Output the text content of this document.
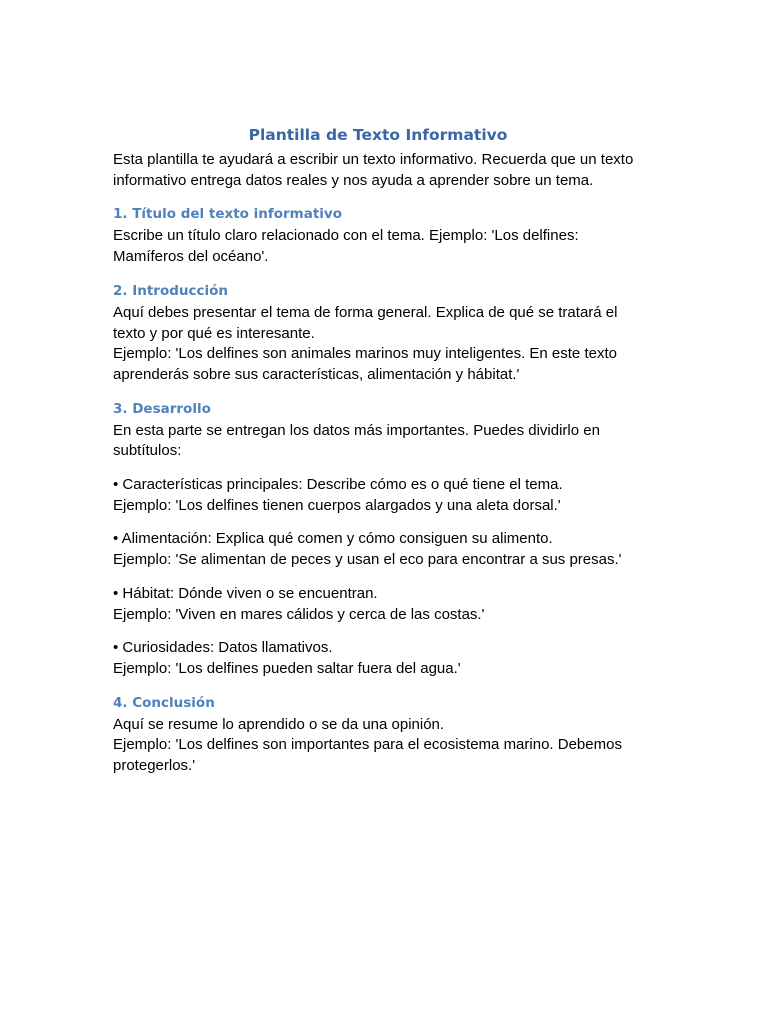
Plantilla de Texto Informativo

Esta plantilla te ayudará a escribir un texto informativo. Recuerda que un texto informativo entrega datos reales y nos ayuda a aprender sobre un tema.

1. Título del texto informativo

Escribe un título claro relacionado con el tema. Ejemplo: 'Los delfines: Mamíferos del océano'.

2. Introducción

Aquí debes presentar el tema de forma general. Explica de qué se tratará el texto y por qué es interesante.

Ejemplo: 'Los delfines son animales marinos muy inteligentes. En este texto aprenderás sobre sus características, alimentación y hábitat.'

3. Desarrollo

En esta parte se entregan los datos más importantes. Puedes dividirlo en subtítulos:

• Características principales: Describe cómo es o qué tiene el tema.

Ejemplo: 'Los delfines tienen cuerpos alargados y una aleta dorsal.'

• Alimentación: Explica qué comen y cómo consiguen su alimento.

Ejemplo: 'Se alimentan de peces y usan el eco para encontrar a sus presas.'

• Hábitat: Dónde viven o se encuentran.

Ejemplo: 'Viven en mares cálidos y cerca de las costas.'

• Curiosidades: Datos llamativos.

Ejemplo: 'Los delfines pueden saltar fuera del agua.'

4. Conclusión

Aquí se resume lo aprendido o se da una opinión.

Ejemplo: 'Los delfines son importantes para el ecosistema marino. Debemos protegerlos.'
